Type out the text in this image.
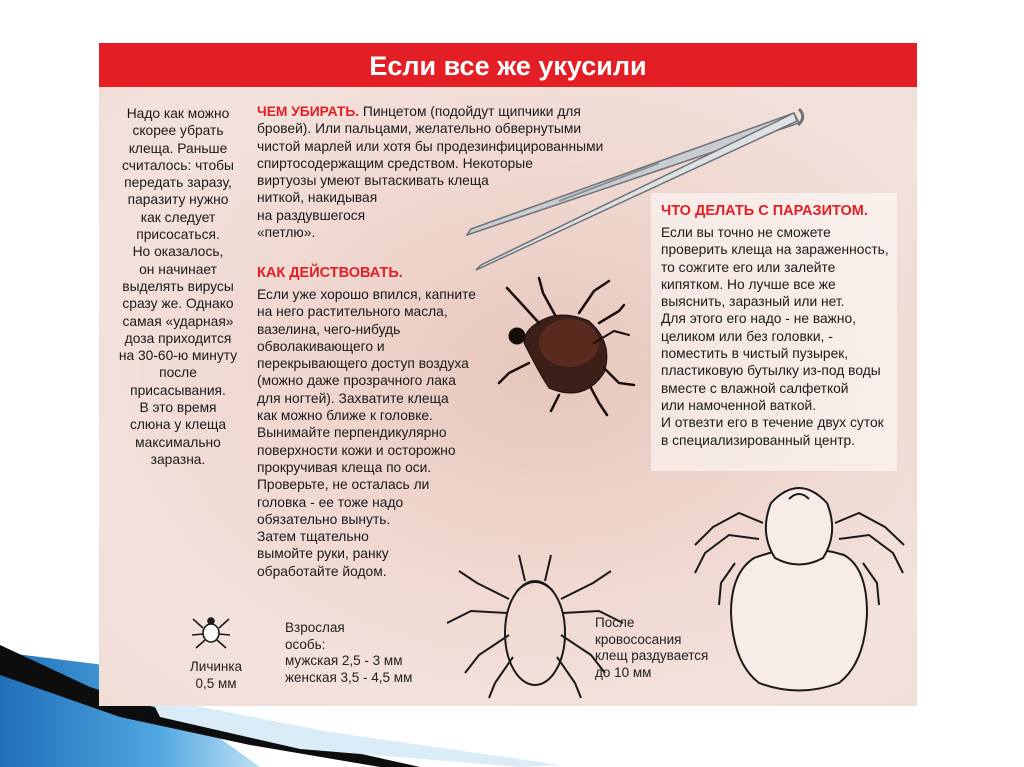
Если все же укусили
Надо как можно
скорее убрать
клеща. Раньше
считалось: чтобы
передать заразу,
паразиту нужно
как следует
присосаться.
Но оказалось,
он начинает
выделять вирусы
сразу же. Однако
самая «ударная»
доза приходится
на 30-60-ю минуту
после
присасывания.
В это время
слюна у клеща
максимально
заразна.
ЧЕМ УБИРАТЬ. Пинцетом (подойдут щипчики для
бровей). Или пальцами, желательно обвернутыми
чистой марлей или хотя бы продезинфицированными
спиртосодержащим средством. Некоторые
виртуозы умеют вытаскивать клеща
ниткой, накидывая
на раздувшегося
«петлю».
КАК ДЕЙСТВОВАТЬ.
Если уже хорошо впился, капните
на него растительного масла,
вазелина, чего-нибудь
обволакивающего и
перекрывающего доступ воздуха
(можно даже прозрачного лака
для ногтей). Захватите клеща
как можно ближе к головке.
Вынимайте перпендикулярно
поверхности кожи и осторожно
прокручивая клеща по оси.
Проверьте, не осталась ли
головка - ее тоже надо
обязательно вынуть.
Затем тщательно
вымойте руки, ранку
обработайте йодом.
ЧТО ДЕЛАТЬ С ПАРАЗИТОМ.
Если вы точно не сможете
проверить клеща на зараженность,
то сожгите его или залейте
кипятком. Но лучше все же
выяснить, заразный или нет.
Для этого его надо - не важно,
целиком или без головки, -
поместить в чистый пузырек,
пластиковую бутылку из-под воды
вместе с влажной салфеткой
или намоченной ваткой.
И отвезти его в течение двух суток
в специализированный центр.
Личинка
0,5 мм
Взрослая
особь:
мужская 2,5 - 3 мм
женская 3,5 - 4,5 мм
После
кровососания
клещ раздувается
до 10 мм
